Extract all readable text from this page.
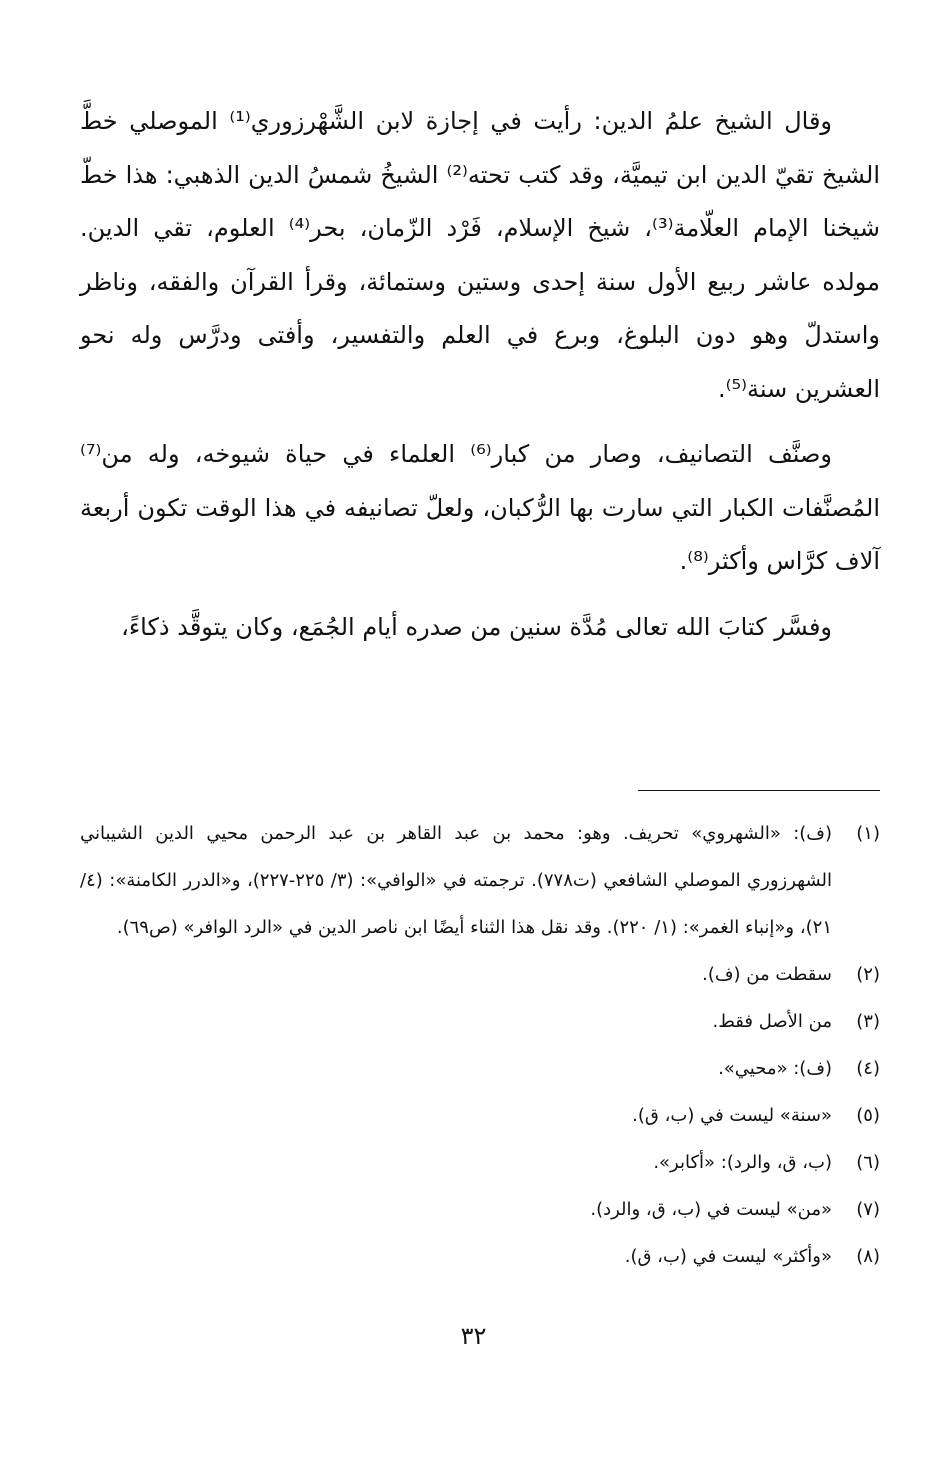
وقال الشيخ علمُ الدين: رأيت في إجازة لابن الشَّهْرزوري⁽¹⁾ الموصلي خطَّ الشيخ تقيّ الدين ابن تيميَّة، وقد كتب تحته⁽²⁾ الشيخُ شمسُ الدين الذهبي: هذا خطّ شيخنا الإمام العلّامة⁽³⁾، شيخ الإسلام، فَرْد الزّمان، بحر⁽⁴⁾ العلوم، تقي الدين. مولده عاشر ربيع الأول سنة إحدى وستين وستمائة، وقرأ القرآن والفقه، وناظر واستدلّ وهو دون البلوغ، وبرع في العلم والتفسير، وأفتى ودرَّس وله نحو العشرين سنة⁽⁵⁾.

وصنَّف التصانيف، وصار من كبار⁽⁶⁾ العلماء في حياة شيوخه، وله من⁽⁷⁾ المُصنَّفات الكبار التي سارت بها الرُّكبان، ولعلّ تصانيفه في هذا الوقت تكون أربعة آلاف كرَّاس وأكثر⁽⁸⁾.

وفسَّر كتابَ الله تعالى مُدَّة سنين من صدره أيام الجُمَع، وكان يتوقَّد ذكاءً،

(١)
(ف): «الشهروي» تحريف. وهو: محمد بن عبد القاهر بن عبد الرحمن محيي الدين الشيباني الشهرزوري الموصلي الشافعي (ت٧٧٨). ترجمته في «الوافي»: (٣/ ٢٢٥-٢٢٧)، و«الدرر الكامنة»: (٤/ ٢١)، و«إنباء الغمر»: (١/ ٢٢٠). وقد نقل هذا الثناء أيضًا ابن ناصر الدين في «الرد الوافر» (ص٦٩).
(٢)
سقطت من (ف).
(٣)
من الأصل فقط.
(٤)
(ف): «محيي».
(٥)
«سنة» ليست في (ب، ق).
(٦)
(ب، ق، والرد): «أكابر».
(٧)
«من» ليست في (ب، ق، والرد).
(٨)
«وأكثر» ليست في (ب، ق).
٣٢
